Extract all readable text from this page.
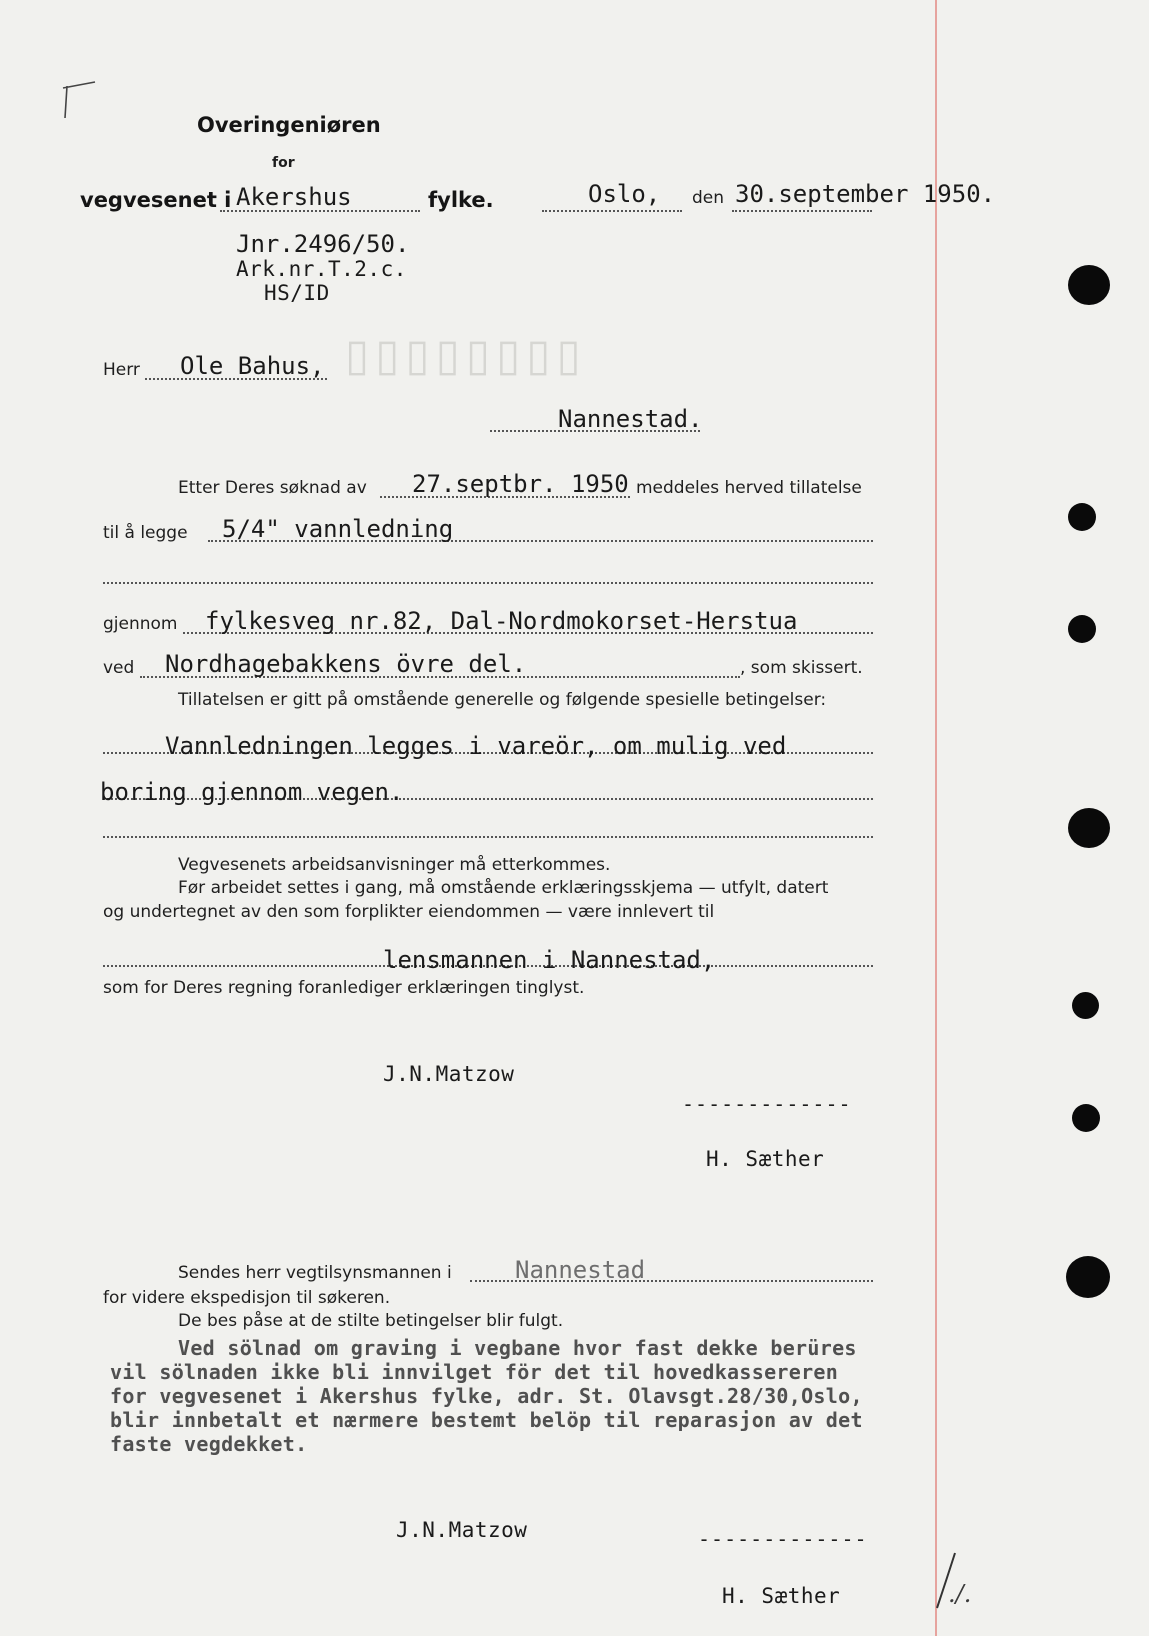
▯▯▯▯▯▯▯▯
Overingeniøren
for
vegvesenet i Akershus	fylke.	Oslo, den 30.september 1950.
Jnr.2496/50.
Ark.nr.T.2.c.
HS/ID
Herr Ole Bahus,
Nannestad.
Etter Deres søknad av 27.septbr. 1950 meddeles herved tillatelse
til å legge 5/4" vannledning
gjennom fylkesveg nr.82, Dal-Nordmokorset-Herstua
ved Nordhagebakkens övre del.	, som skissert.
Tillatelsen er gitt på omstående generelle og følgende spesielle betingelser:
Vannledningen legges i vareör, om mulig ved
boring gjennom vegen.
Vegvesenets arbeidsanvisninger må etterkommes.
Før arbeidet settes i gang, må omstående erklæringsskjema — utfylt, datert
og undertegnet av den som forplikter eiendommen — være innlevert til
lensmannen i Nannestad,
som for Deres regning foranlediger erklæringen tinglyst.
J.N.Matzow
-------------
H. Sæther
Sendes herr vegtilsynsmannen i	Nannestad
for videre ekspedisjon til søkeren.
De bes påse at de stilte betingelser blir fulgt.
Ved sölnad om graving i vegbane hvor fast dekke berüres
vil sölnaden ikke bli innvilget för det til hovedkassereren
for vegvesenet i Akershus fylke, adr. St. Olavsgt.28/30,Oslo,
blir innbetalt et nærmere bestemt belöp til reparasjon av det
faste vegdekket.
J.N.Matzow	-------------
H. Sæther	./.
